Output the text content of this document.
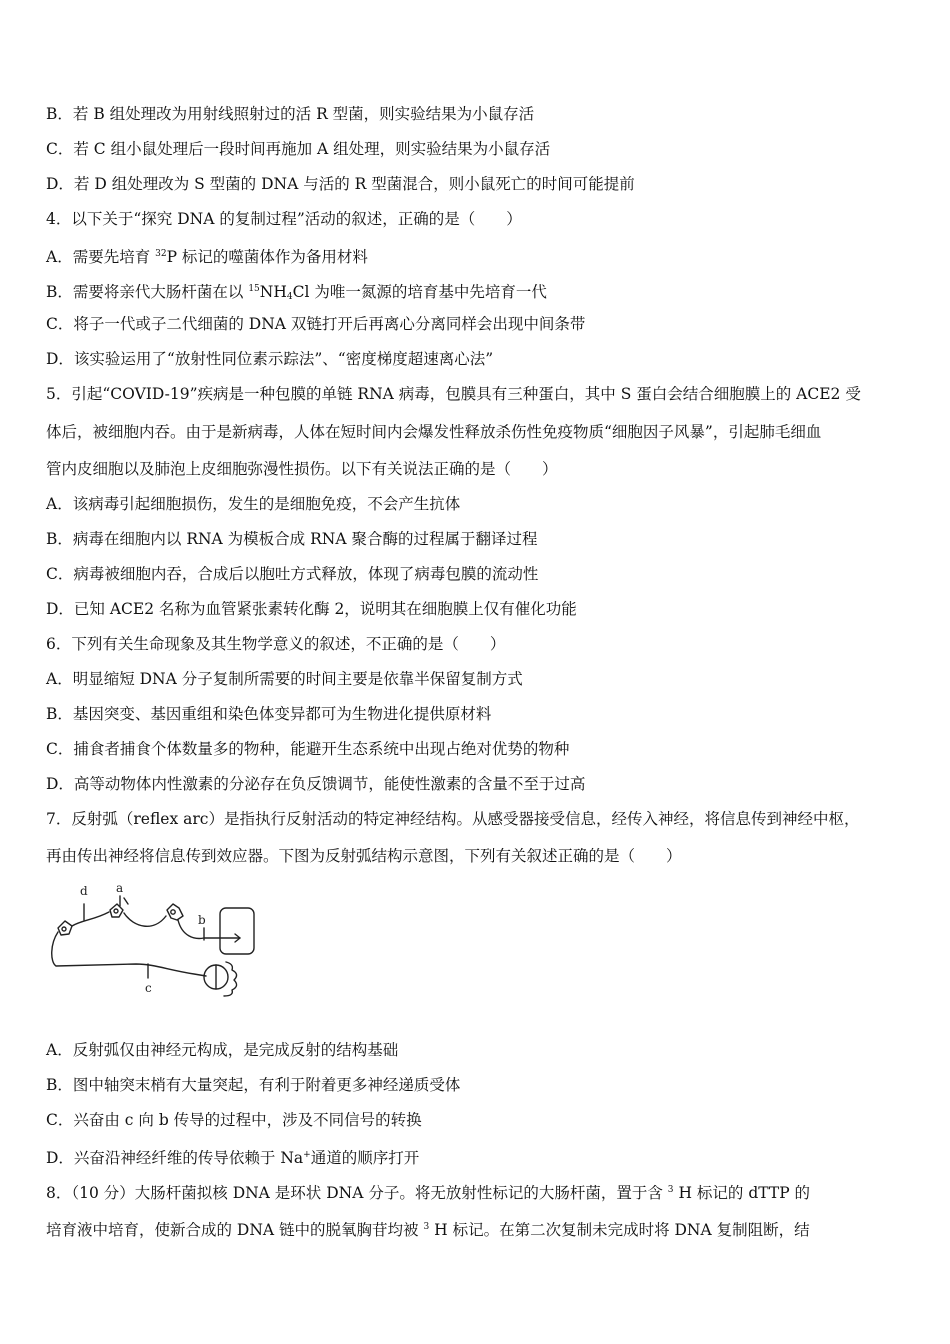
B．若 B 组处理改为用射线照射过的活 R 型菌，则实验结果为小鼠存活
C．若 C 组小鼠处理后一段时间再施加 A 组处理，则实验结果为小鼠存活
D．若 D 组处理改为 S 型菌的 DNA 与活的 R 型菌混合，则小鼠死亡的时间可能提前
4．以下关于“探究 DNA 的复制过程”活动的叙述，正确的是（　　）
A．需要先培育 $^{32}$P 标记的噬菌体作为备用材料
B．需要将亲代大肠杆菌在以 $^{15}NH_4Cl$ 为唯一氮源的培育基中先培育一代
C．将子一代或子二代细菌的 DNA 双链打开后再离心分离同样会出现中间条带
D．该实验运用了“放射性同位素示踪法”、“密度梯度超速离心法”
5．引起“COVID-19”疾病是一种包膜的单链 RNA 病毒，包膜具有三种蛋白，其中 S 蛋白会结合细胞膜上的 ACE2 受
体后，被细胞内吞。由于是新病毒，人体在短时间内会爆发性释放杀伤性免疫物质“细胞因子风暴”，引起肺毛细血
管内皮细胞以及肺泡上皮细胞弥漫性损伤。以下有关说法正确的是（　　）
A．该病毒引起细胞损伤，发生的是细胞免疫，不会产生抗体
B．病毒在细胞内以 RNA 为模板合成 RNA 聚合酶的过程属于翻译过程
C．病毒被细胞内吞，合成后以胞吐方式释放，体现了病毒包膜的流动性
D．已知 ACE2 名称为血管紧张素转化酶 2，说明其在细胞膜上仅有催化功能
6．下列有关生命现象及其生物学意义的叙述，不正确的是（　　）
A．明显缩短 DNA 分子复制所需要的时间主要是依靠半保留复制方式
B．基因突变、基因重组和染色体变异都可为生物进化提供原材料
C．捕食者捕食个体数量多的物种，能避开生态系统中出现占绝对优势的物种
D．高等动物体内性激素的分泌存在负反馈调节，能使性激素的含量不至于过高
7．反射弧（reflex arc）是指执行反射活动的特定神经结构。从感受器接受信息，经传入神经，将信息传到神经中枢，
再由传出神经将信息传到效应器。下图为反射弧结构示意图，下列有关叙述正确的是（　　）
d a
b
c
A．反射弧仅由神经元构成，是完成反射的结构基础
B．图中轴突末梢有大量突起，有利于附着更多神经递质受体
C．兴奋由 c 向 b 传导的过程中，涉及不同信号的转换
D．兴奋沿神经纤维的传导依赖于 Na+通道的顺序打开
8．（10 分）大肠杆菌拟核 DNA 是环状 DNA 分子。将无放射性标记的大肠杆菌，置于含 $^3$ H 标记的 dTTP 的
培育液中培育，使新合成的 DNA 链中的脱氧胸苷均被 $^3$ H 标记。在第二次复制未完成时将 DNA 复制阻断，结
